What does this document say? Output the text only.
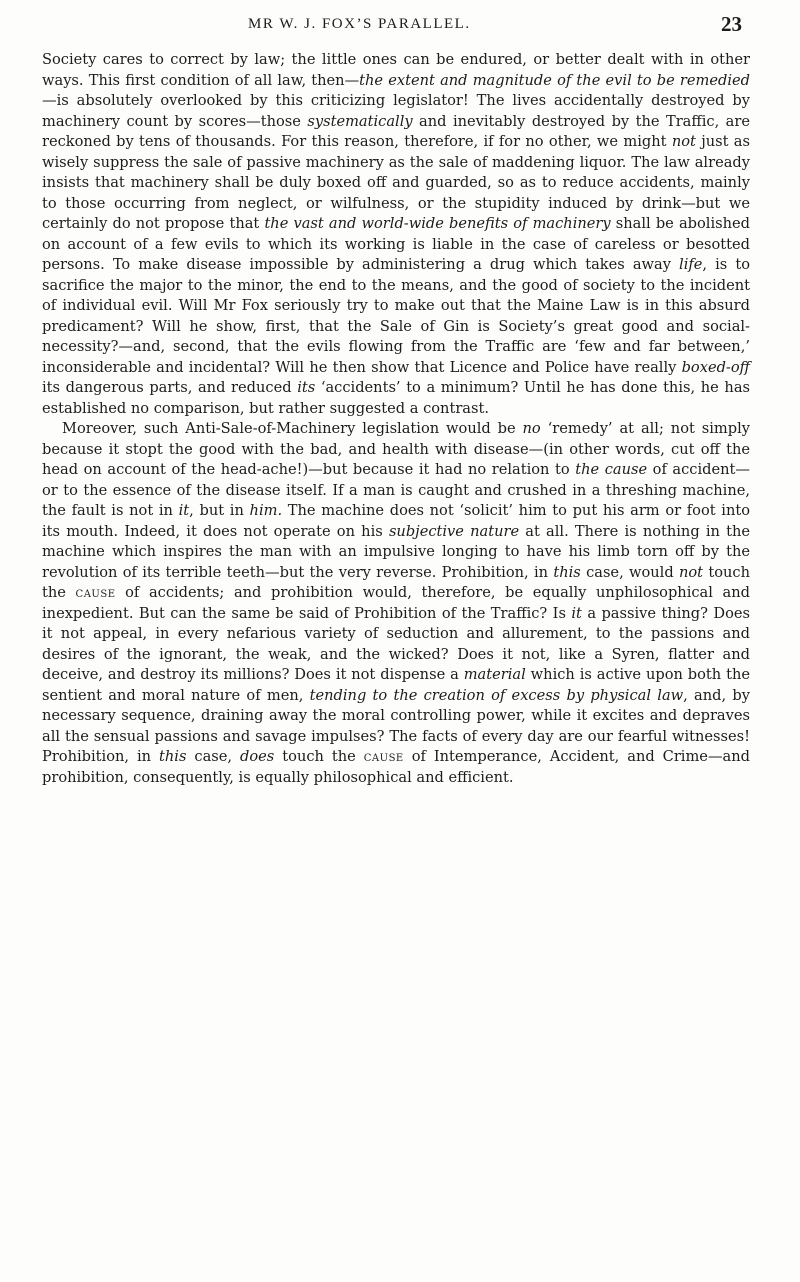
MR W. J. FOX’S PARALLEL.	23

Society cares to correct by law; the little ones can be endured, or better dealt with in other ways. This first condition of all law, then—the extent and magnitude of the evil to be remedied—is absolutely overlooked by this criticizing legislator! The lives accidentally destroyed by machinery count by scores—those systematically and inevitably destroyed by the Traffic, are reckoned by tens of thousands. For this reason, therefore, if for no other, we might not just as wisely suppress the sale of passive machinery as the sale of maddening liquor. The law already insists that machinery shall be duly boxed off and guarded, so as to reduce accidents, mainly to those occurring from neglect, or wilfulness, or the stupidity induced by drink—but we certainly do not propose that the vast and world-wide benefits of machinery shall be abolished on account of a few evils to which its working is liable in the case of careless or besotted persons. To make disease impossible by administering a drug which takes away life, is to sacrifice the major to the minor, the end to the means, and the good of society to the incident of individual evil. Will Mr Fox seriously try to make out that the Maine Law is in this absurd predicament? Will he show, first, that the Sale of Gin is Society’s great good and social-necessity?—and, second, that the evils flowing from the Traffic are ‘few and far between,’ inconsiderable and incidental? Will he then show that Licence and Police have really boxed-off its dangerous parts, and reduced its ‘accidents’ to a minimum? Until he has done this, he has established no comparison, but rather suggested a contrast.

Moreover, such Anti-Sale-of-Machinery legislation would be no ‘remedy’ at all; not simply because it stopt the good with the bad, and health with disease—(in other words, cut off the head on account of the head-ache!)—but because it had no relation to the cause of accident—or to the essence of the disease itself. If a man is caught and crushed in a threshing machine, the fault is not in it, but in him. The machine does not ‘solicit’ him to put his arm or foot into its mouth. Indeed, it does not operate on his subjective nature at all. There is nothing in the machine which inspires the man with an impulsive longing to have his limb torn off by the revolution of its terrible teeth—but the very reverse. Prohibition, in this case, would not touch the cause of accidents; and prohibition would, therefore, be equally unphilosophical and inexpedient. But can the same be said of Prohibition of the Traffic? Is it a passive thing? Does it not appeal, in every nefarious variety of seduction and allurement, to the passions and desires of the ignorant, the weak, and the wicked? Does it not, like a Syren, flatter and deceive, and destroy its millions? Does it not dispense a material which is active upon both the sentient and moral nature of men, tending to the creation of excess by physical law, and, by necessary sequence, draining away the moral controlling power, while it excites and depraves all the sensual passions and savage impulses? The facts of every day are our fearful witnesses! Prohibition, in this case, does touch the cause of Intemperance, Accident, and Crime—and prohibition, consequently, is equally philosophical and efficient.
